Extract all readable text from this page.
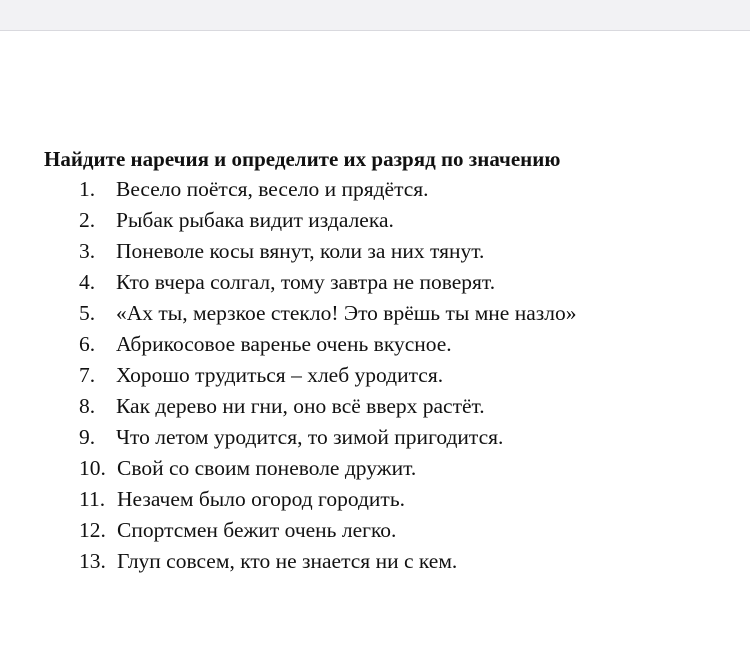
Найдите наречия и определите их разряд по значению
1. Весело поётся, весело и прядётся.
2. Рыбак рыбака видит издалека.
3. Поневоле косы вянут, коли за них тянут.
4. Кто вчера солгал, тому завтра не поверят.
5. «Ах ты, мерзкое стекло! Это врёшь ты мне назло»
6. Абрикосовое варенье очень вкусное.
7. Хорошо трудиться – хлеб уродится.
8. Как дерево ни гни, оно всё вверх растёт.
9. Что летом уродится, то зимой пригодится.
10. Свой со своим поневоле дружит.
11. Незачем было огород городить.
12. Спортсмен бежит очень легко.
13. Глуп совсем, кто не знается ни с кем.
